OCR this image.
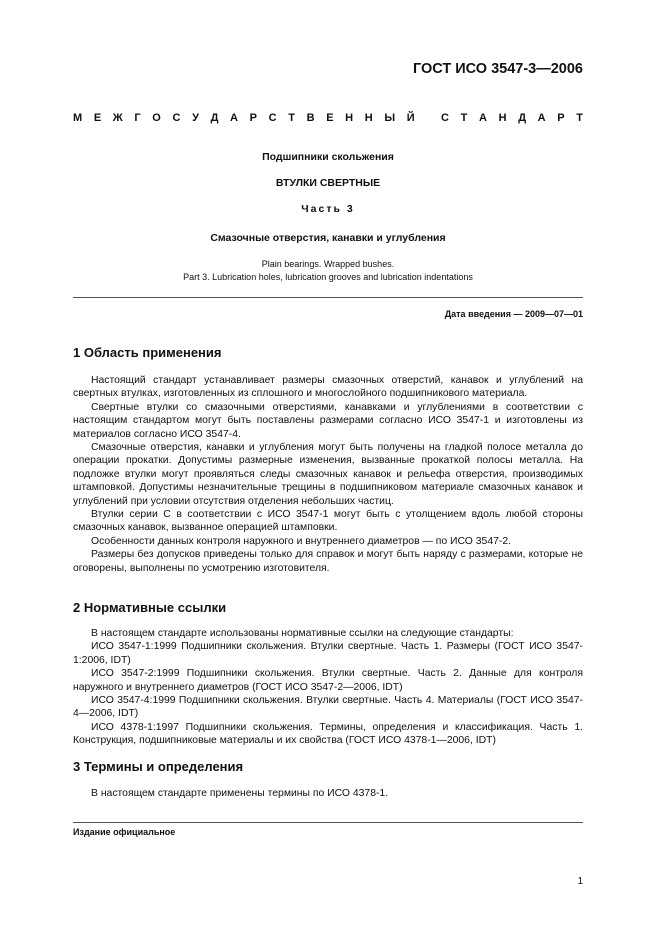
ГОСТ ИСО 3547-3—2006
М Е Ж Г О С У Д А Р С Т В Е Н Н Ы Й
С Т А Н Д А Р Т
Подшипники скольжения
ВТУЛКИ СВЕРТНЫЕ
Часть 3
Смазочные отверстия, канавки и углубления
Plain bearings. Wrapped bushes.
Part 3. Lubrication holes, lubrication grooves and lubrication indentations
Дата введения — 2009—07—01
1 Область применения

Настоящий стандарт устанавливает размеры смазочных отверстий, канавок и углублений на свертных втулках, изготовленных из сплошного и многослойного подшипникового материала.

Свертные втулки со смазочными отверстиями, канавками и углублениями в соответствии с настоящим стандартом могут быть поставлены размерами согласно ИСО 3547-1 и изготовлены из материалов согласно ИСО 3547-4.

Смазочные отверстия, канавки и углубления могут быть получены на гладкой полосе металла до операции прокатки. Допустимы размерные изменения, вызванные прокаткой полосы металла. На подложке втулки могут проявляться следы смазочных канавок и рельефа отверстия, производимых штамповкой. Допустимы незначительные трещины в подшипниковом материале смазочных канавок и углублений при условии отсутствия отделения небольших частиц.

Втулки серии С в соответствии с ИСО 3547-1 могут быть с утолщением вдоль любой стороны смазочных канавок, вызванное операцией штамповки.

Особенности данных контроля наружного и внутреннего диаметров — по ИСО 3547-2.

Размеры без допусков приведены только для справок и могут быть наряду с размерами, которые не оговорены, выполнены по усмотрению изготовителя.

2 Нормативные ссылки

В настоящем стандарте использованы нормативные ссылки на следующие стандарты:

ИСО 3547-1:1999 Подшипники скольжения. Втулки свертные. Часть 1. Размеры (ГОСТ ИСО 3547-1:2006, IDT)

ИСО 3547-2:1999 Подшипники скольжения. Втулки свертные. Часть 2. Данные для контроля наружного и внутреннего диаметров (ГОСТ ИСО 3547-2—2006, IDT)

ИСО 3547-4:1999 Подшипники скольжения. Втулки свертные. Часть 4. Материалы (ГОСТ ИСО 3547-4—2006, IDT)

ИСО 4378-1:1997 Подшипники скольжения. Термины, определения и классификация. Часть 1. Конструкция, подшипниковые материалы и их свойства (ГОСТ ИСО 4378-1—2006, IDT)

3 Термины и определения

В настоящем стандарте применены термины по ИСО 4378-1.

Издание официальное
1
